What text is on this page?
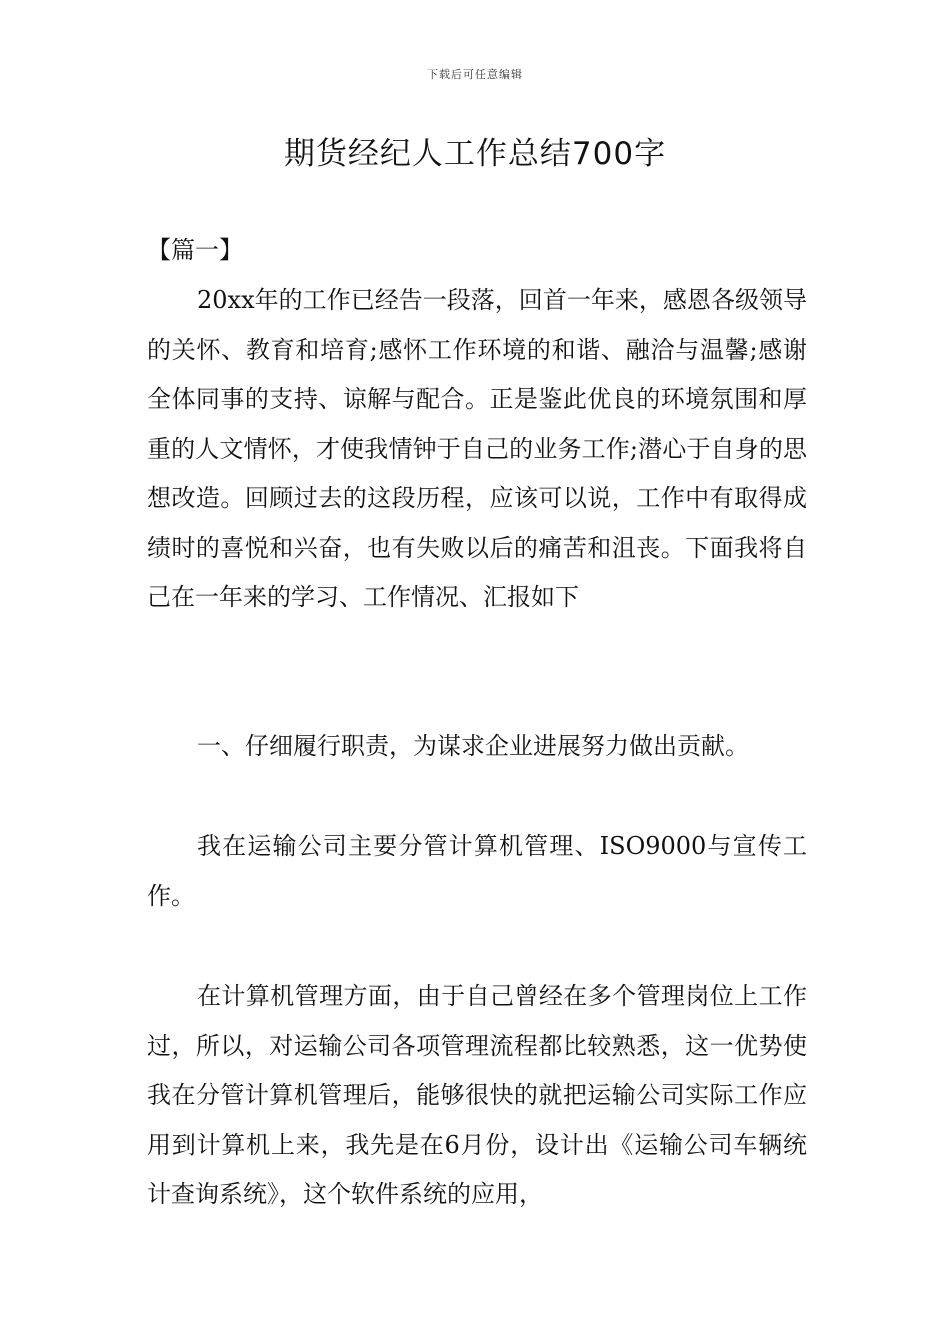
下载后可任意编辑
期货经纪人工作总结700字

【篇一】

20xx年的工作已经告一段落，回首一年来，感恩各级领导的关怀、教育和培育;感怀工作环境的和谐、融洽与温馨;感谢全体同事的支持、谅解与配合。正是鉴此优良的环境氛围和厚重的人文情怀，才使我情钟于自己的业务工作;潜心于自身的思想改造。回顾过去的这段历程，应该可以说，工作中有取得成绩时的喜悦和兴奋，也有失败以后的痛苦和沮丧。下面我将自己在一年来的学习、工作情况、汇报如下

一、仔细履行职责，为谋求企业进展努力做出贡献。

我在运输公司主要分管计算机管理、ISO9000与宣传工作。

在计算机管理方面，由于自己曾经在多个管理岗位上工作过，所以，对运输公司各项管理流程都比较熟悉，这一优势使我在分管计算机管理后，能够很快的就把运输公司实际工作应用到计算机上来，我先是在6月份，设计出《运输公司车辆统计查询系统》，这个软件系统的应用，
